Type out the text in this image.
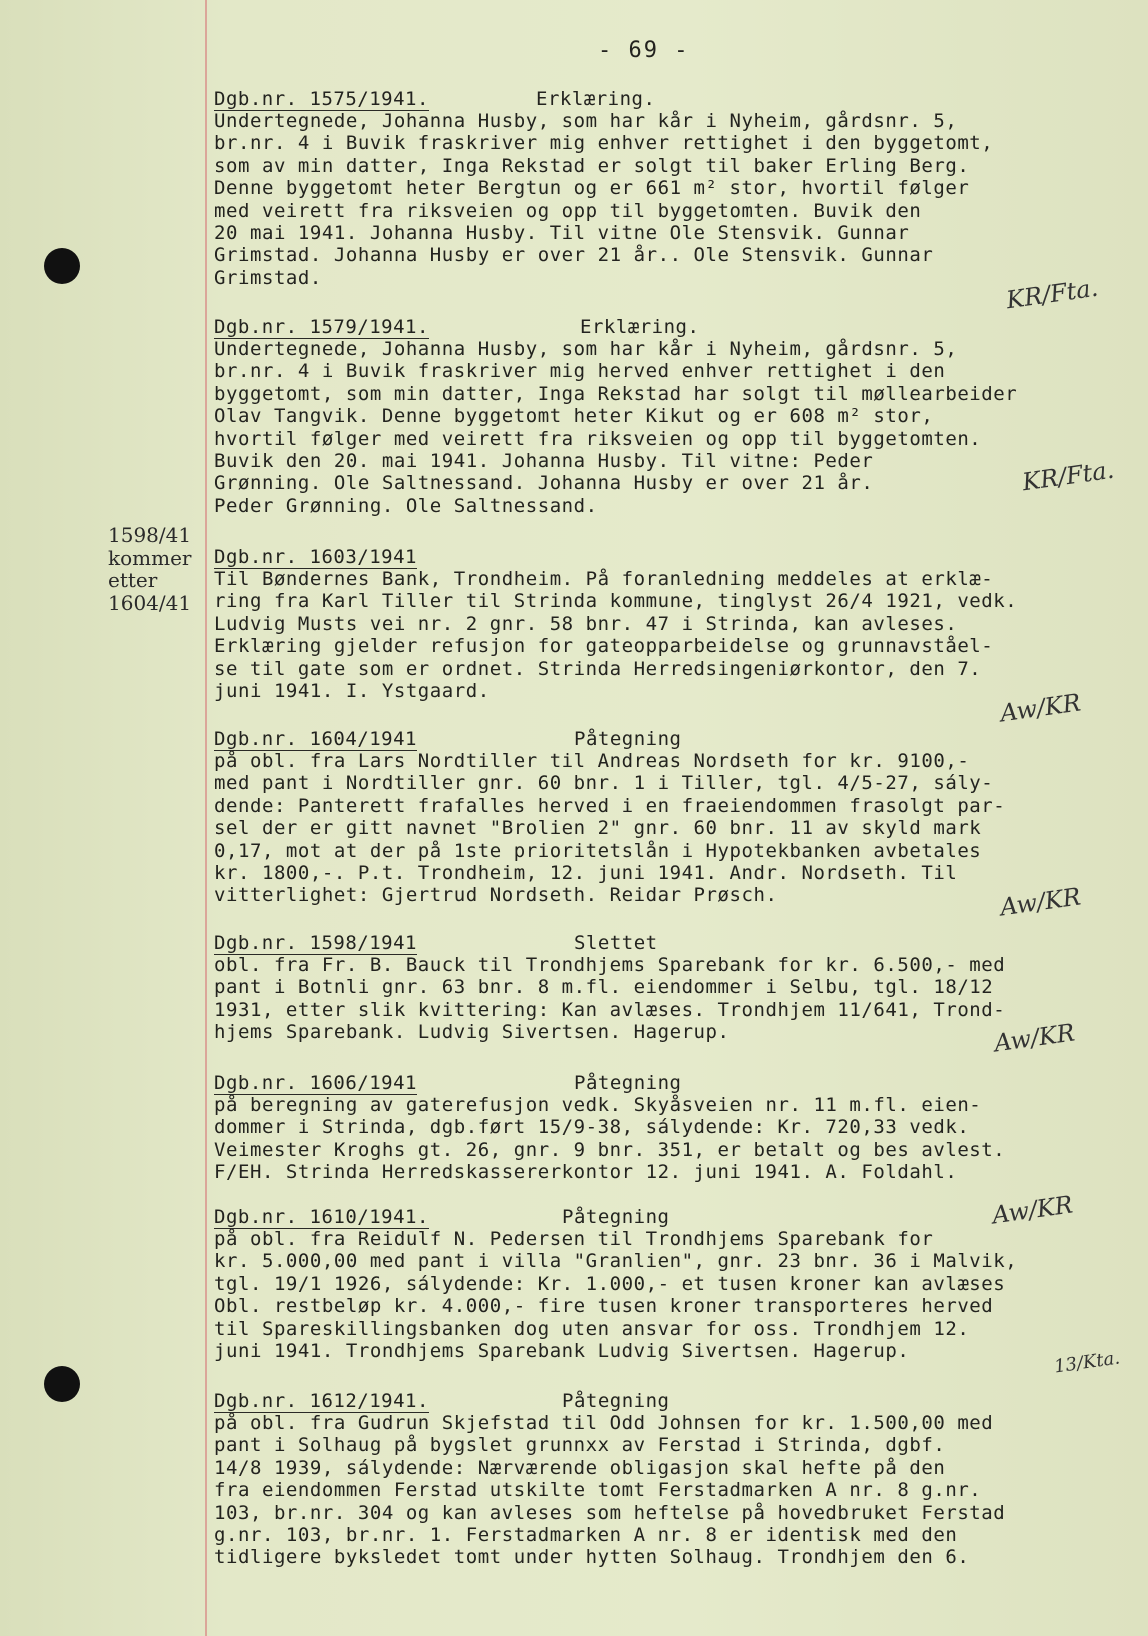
- 69 -
1598/41
kommer
etter
1604/41
Dgb.nr. 1575/1941.	Erklæring.
Undertegnede, Johanna Husby, som har kår i Nyheim, gårdsnr. 5,
br.nr. 4 i Buvik fraskriver mig enhver rettighet i den byggetomt,
som av min datter, Inga Rekstad er solgt til baker Erling Berg.
Denne byggetomt heter Bergtun og er 661 m² stor, hvortil følger
med veirett fra riksveien og opp til byggetomten. Buvik den
20 mai 1941. Johanna Husby. Til vitne Ole Stensvik. Gunnar
Grimstad. Johanna Husby er over 21 år.. Ole Stensvik. Gunnar
Grimstad.
Dgb.nr. 1579/1941.	Erklæring.
Undertegnede, Johanna Husby, som har kår i Nyheim, gårdsnr. 5,
br.nr. 4 i Buvik fraskriver mig herved enhver rettighet i den
byggetomt, som min datter, Inga Rekstad har solgt til møllearbeider
Olav Tangvik. Denne byggetomt heter Kikut og er 608 m² stor,
hvortil følger med veirett fra riksveien og opp til byggetomten.
Buvik den 20. mai 1941. Johanna Husby. Til vitne: Peder
Grønning. Ole Saltnessand. Johanna Husby er over 21 år.
Peder Grønning. Ole Saltnessand.
Dgb.nr. 1603/1941
Til Bøndernes Bank, Trondheim. På foranledning meddeles at erklæ-
ring fra Karl Tiller til Strinda kommune, tinglyst 26/4 1921, vedk.
Ludvig Musts vei nr. 2 gnr. 58 bnr. 47 i Strinda, kan avleses.
Erklæring gjelder refusjon for gateopparbeidelse og grunnavståel-
se til gate som er ordnet. Strinda Herredsingeniørkontor, den 7.
juni 1941. I. Ystgaard.
Dgb.nr. 1604/1941	Påtegning
på obl. fra Lars Nordtiller til Andreas Nordseth for kr. 9100,-
med pant i Nordtiller gnr. 60 bnr. 1 i Tiller, tgl. 4/5-27, sály-
dende: Panterett frafalles herved i en fraeiendommen frasolgt par-
sel der er gitt navnet "Brolien 2" gnr. 60 bnr. 11 av skyld mark
0,17, mot at der på 1ste prioritetslån i Hypotekbanken avbetales
kr. 1800,-. P.t. Trondheim, 12. juni 1941. Andr. Nordseth. Til
vitterlighet: Gjertrud Nordseth. Reidar Prøsch.
Dgb.nr. 1598/1941	Slettet
obl. fra Fr. B. Bauck til Trondhjems Sparebank for kr. 6.500,- med
pant i Botnli gnr. 63 bnr. 8 m.fl. eiendommer i Selbu, tgl. 18/12
1931, etter slik kvittering: Kan avlæses. Trondhjem 11/641, Trond-
hjems Sparebank. Ludvig Sivertsen. Hagerup.
Dgb.nr. 1606/1941	Påtegning
på beregning av gaterefusjon vedk. Skyåsveien nr. 11 m.fl. eien-
dommer i Strinda, dgb.ført 15/9-38, sálydende: Kr. 720,33 vedk.
Veimester Kroghs gt. 26, gnr. 9 bnr. 351, er betalt og bes avlest.
F/EH. Strinda Herredskassererkontor 12. juni 1941. A. Foldahl.
Dgb.nr. 1610/1941.	Påtegning
på obl. fra Reidulf N. Pedersen til Trondhjems Sparebank for
kr. 5.000,00 med pant i villa "Granlien", gnr. 23 bnr. 36 i Malvik,
tgl. 19/1 1926, sálydende: Kr. 1.000,- et tusen kroner kan avlæses
Obl. restbeløp kr. 4.000,- fire tusen kroner transporteres herved
til Spareskillingsbanken dog uten ansvar for oss. Trondhjem 12.
juni 1941. Trondhjems Sparebank Ludvig Sivertsen. Hagerup.
Dgb.nr. 1612/1941.	Påtegning
på obl. fra Gudrun Skjefstad til Odd Johnsen for kr. 1.500,00 med
pant i Solhaug på bygslet grunnxx av Ferstad i Strinda, dgbf.
14/8 1939, sálydende: Nærværende obligasjon skal hefte på den
fra eiendommen Ferstad utskilte tomt Ferstadmarken A nr. 8 g.nr.
103, br.nr. 304 og kan avleses som heftelse på hovedbruket Ferstad
g.nr. 103, br.nr. 1. Ferstadmarken A nr. 8 er identisk med den
tidligere byksledet tomt under hytten Solhaug. Trondhjem den 6.
KR/Fta.
KR/Fta.
Aw/KR
Aw/KR
Aw/KR
Aw/KR
13/Kta.
